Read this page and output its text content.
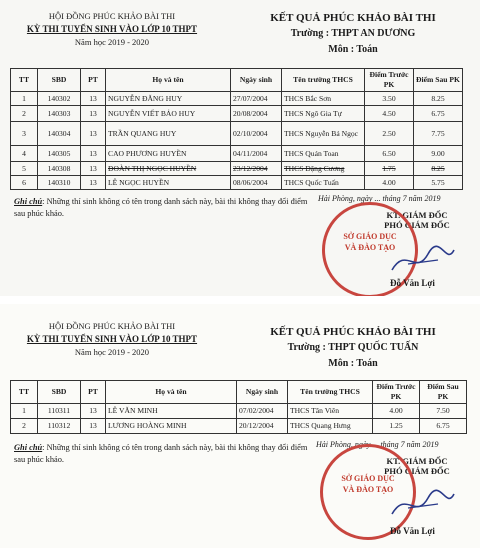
HỘI ĐỒNG PHÚC KHẢO BÀI THI
KỲ THI TUYỂN SINH VÀO LỚP 10 THPT
Năm học 2019 - 2020
KẾT QUẢ PHÚC KHẢO BÀI THI
Trường : THPT AN DƯƠNG
Môn : Toán
TT	SBD	PT	Họ và tên	Ngày sinh	Tên trường THCS	Điểm Trước PK	Điểm Sau PK
1	140302	13	NGUYỄN ĐĂNG HUY	27/07/2004	THCS Bắc Sơn	3.50	8.25
2	140303	13	NGUYỄN VIẾT BẢO HUY	20/08/2004	THCS Ngô Gia Tự	4.50	6.75
3	140304	13	TRẦN QUANG HUY	02/10/2004	THCS Nguyễn Bá Ngọc	2.50	7.75
4	140305	13	CAO PHƯƠNG HUYỀN	04/11/2004	THCS Quán Toan	6.50	9.00
5	140308	13	ĐOÀN THỊ NGỌC HUYỀN	23/12/2004	THCS Đặng Cương	1.75	8.25
6	140310	13	LÊ NGỌC HUYỀN	08/06/2004	THCS Quốc Tuấn	4.00	5.75
Ghi chú: Những thí sinh không có tên trong danh sách này, bài thi không thay đổi điểm sau phúc khảo.
Hải Phòng, ngày ... tháng 7 năm 2019
KT. GIÁM ĐỐC
PHÓ GIÁM ĐỐC
SỞ GIÁO DỤC VÀ ĐÀO TẠO
Đỗ Văn Lợi
HỘI ĐỒNG PHÚC KHẢO BÀI THI
KỲ THI TUYỂN SINH VÀO LỚP 10 THPT
Năm học 2019 - 2020
KẾT QUẢ PHÚC KHẢO BÀI THI
Trường : THPT QUỐC TUẤN
Môn : Toán
TT	SBD	PT	Họ và tên	Ngày sinh	Tên trường THCS	Điểm Trước PK	Điểm Sau PK
1	110311	13	LÊ VĂN MINH	07/02/2004	THCS Tân Viên	4.00	7.50
2	110312	13	LƯƠNG HOÀNG MINH	20/12/2004	THCS Quang Hưng	1.25	6.75
Ghi chú: Những thí sinh không có tên trong danh sách này, bài thi không thay đổi điểm sau phúc khảo.
Hải Phòng, ngày ... tháng 7 năm 2019
KT. GIÁM ĐỐC
PHÓ GIÁM ĐỐC
SỞ GIÁO DỤC VÀ ĐÀO TẠO
Đỗ Văn Lợi
